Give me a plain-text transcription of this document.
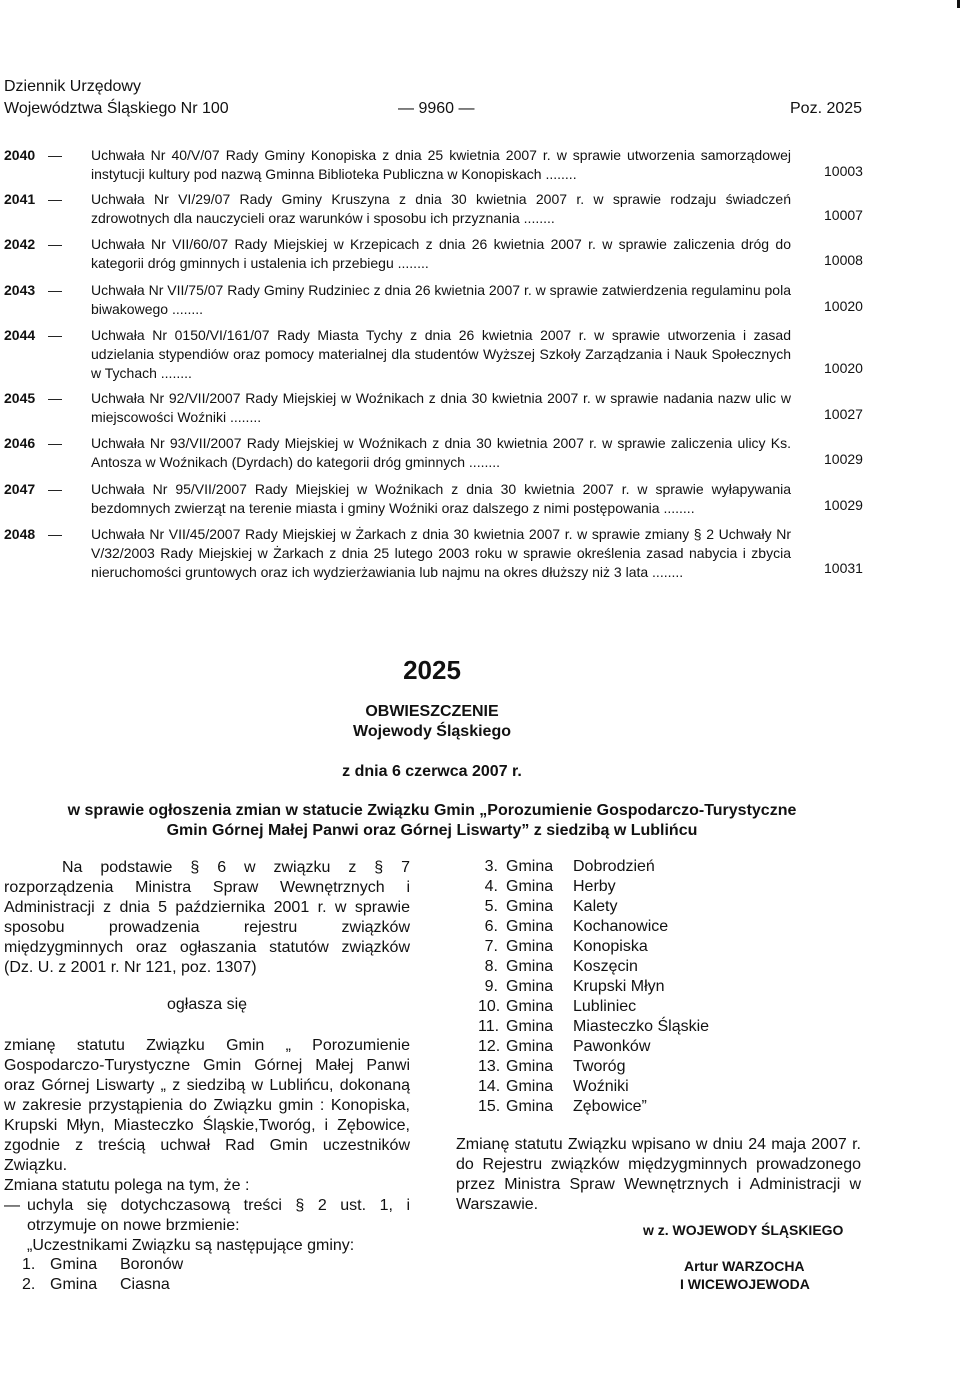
Dziennik Urzędowy
Województwa Śląskiego Nr 100	— 9960 —	Poz. 2025
2040 — Uchwała Nr 40/V/07 Rady Gminy Konopiska z dnia 25 kwietnia 2007 r. w sprawie utworzenia samorządowej instytucji kultury pod nazwą Gminna Biblioteka Publiczna w Konopiskach ........	10003
2041 — Uchwała Nr VI/29/07 Rady Gminy Kruszyna z dnia 30 kwietnia 2007 r. w sprawie rodzaju świadczeń zdrowotnych dla nauczycieli oraz warunków i sposobu ich przyznania ........	10007
2042 — Uchwała Nr VII/60/07 Rady Miejskiej w Krzepicach z dnia 26 kwietnia 2007 r. w sprawie zaliczenia dróg do kategorii dróg gminnych i ustalenia ich przebiegu ........	10008
2043 — Uchwała Nr VII/75/07 Rady Gminy Rudziniec z dnia 26 kwietnia 2007 r. w sprawie zatwierdzenia regulaminu pola biwakowego ........	10020
2044 — Uchwała Nr 0150/VI/161/07 Rady Miasta Tychy z dnia 26 kwietnia 2007 r. w sprawie utworzenia i zasad udzielania stypendiów oraz pomocy materialnej dla studentów Wyższej Szkoły Zarządzania i Nauk Społecznych w Tychach ........	10020
2045 — Uchwała Nr 92/VII/2007 Rady Miejskiej w Woźnikach z dnia 30 kwietnia 2007 r. w sprawie nadania nazw ulic w miejscowości Woźniki ........	10027
2046 — Uchwała Nr 93/VII/2007 Rady Miejskiej w Woźnikach z dnia 30 kwietnia 2007 r. w sprawie zaliczenia ulicy Ks. Antosza w Woźnikach (Dyrdach) do kategorii dróg gminnych ........	10029
2047 — Uchwała Nr 95/VII/2007 Rady Miejskiej w Woźnikach z dnia 30 kwietnia 2007 r. w sprawie wyłapywania bezdomnych zwierząt na terenie miasta i gminy Woźniki oraz dalszego z nimi postępowania ........	10029
2048 — Uchwała Nr VII/45/2007 Rady Miejskiej w Żarkach z dnia 30 kwietnia 2007 r. w sprawie zmiany § 2 Uchwały Nr V/32/2003 Rady Miejskiej w Żarkach z dnia 25 lutego 2003 roku w sprawie określenia zasad nabycia i zbycia nieruchomości gruntowych oraz ich wydzierżawiania lub najmu na okres dłuższy niż 3 lata ........	10031
2025
OBWIESZCZENIE
Wojewody Śląskiego
z dnia 6 czerwca 2007 r.
w sprawie ogłoszenia zmian w statucie Związku Gmin „Porozumienie Gospodarczo-Turystyczne
Gmin Górnej Małej Panwi oraz Górnej Liswarty” z siedzibą w Lublińcu
Na podstawie § 6 w związku z § 7 rozporządzenia Ministra Spraw Wewnętrznych i Administracji z dnia 5 października 2001 r. w sprawie sposobu prowadzenia rejestru związków międzygminnych oraz ogłaszania statutów związków (Dz. U. z 2001 r. Nr 121, poz. 1307)
ogłasza się
zmianę statutu Związku Gmin „ Porozumienie Gospodarczo-Turystyczne Gmin Górnej Małej Panwi oraz Górnej Liswarty „ z siedzibą w Lublińcu, dokonaną w zakresie przystąpienia do Związku gmin : Konopiska, Krupski Młyn, Miasteczko Śląskie,Tworóg, i Zębowice, zgodnie z treścią uchwał Rad Gmin uczestników Związku.
Zmiana statutu polega na tym, że :
— uchyla się dotychczasową treści § 2 ust. 1, i otrzymuje on nowe brzmienie:
„Uczestnikami Związku są następujące gminy:
1. Gmina Boronów
2. Gmina Ciasna
3. Gmina Dobrodzień
4. Gmina Herby
5. Gmina Kalety
6. Gmina Kochanowice
7. Gmina Konopiska
8. Gmina Koszęcin
9. Gmina Krupski Młyn
10. Gmina Lubliniec
11. Gmina Miasteczko Śląskie
12. Gmina Pawonków
13. Gmina Tworóg
14. Gmina Woźniki
15. Gmina Zębowice”
Zmianę statutu Związku wpisano w dniu 24 maja 2007 r. do Rejestru związków międzygminnych prowadzonego przez Ministra Spraw Wewnętrznych i Administracji w Warszawie.
w z. WOJEWODY ŚLĄSKIEGO
Artur WARZOCHA
I WICEWOJEWODA
